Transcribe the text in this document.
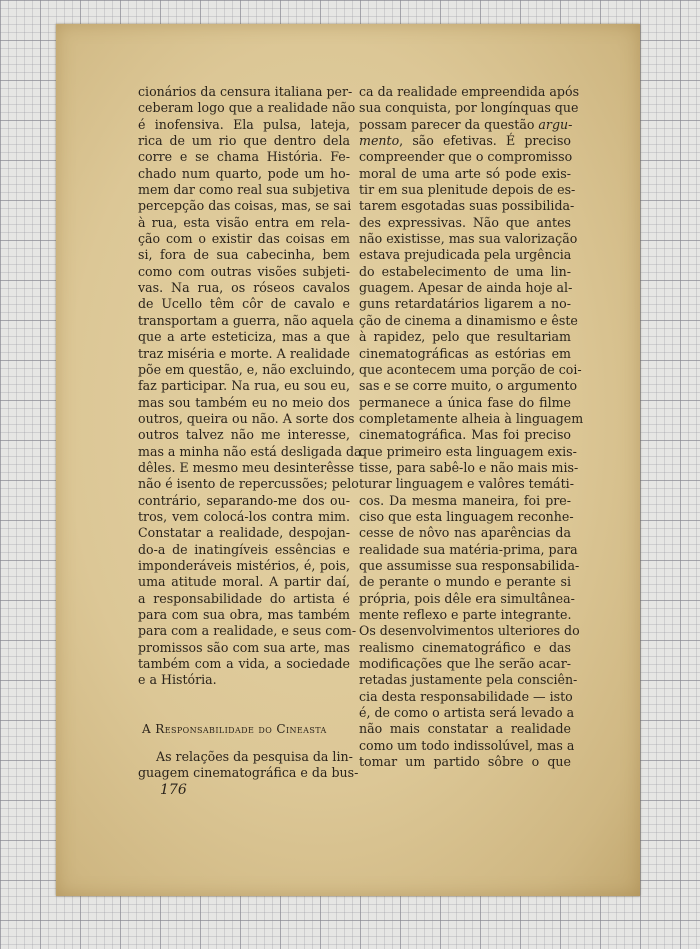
cionários da censura italiana per-
ceberam logo que a realidade não
é inofensiva. Ela pulsa, lateja,
rica de um rio que dentro dela
corre e se chama História. Fe-
chado num quarto, pode um ho-
mem dar como real sua subjetiva
percepção das coisas, mas, se sai
à rua, esta visão entra em rela-
ção com o existir das coisas em
si, fora de sua cabecinha, bem
como com outras visões subjeti-
vas. Na rua, os róseos cavalos
de Ucello têm côr de cavalo e
transportam a guerra, não aquela
que a arte esteticiza, mas a que
traz miséria e morte. A realidade
põe em questão, e, não excluindo,
faz participar. Na rua, eu sou eu,
mas sou também eu no meio dos
outros, queira ou não. A sorte dos
outros talvez não me interesse,
mas a minha não está desligada da
dêles. E mesmo meu desinterêsse
não é isento de repercussões; pelo
contrário, separando-me dos ou-
tros, vem colocá-los contra mim.
Constatar a realidade, despojan-
do-a de inatingíveis essências e
imponderáveis mistérios, é, pois,
uma atitude moral. A partir daí,
a responsabilidade do artista é
para com sua obra, mas também
para com a realidade, e seus com-
promissos são com sua arte, mas
também com a vida, a sociedade
e a História.
A Responsabilidade do Cineasta
As relações da pesquisa da lin-
guagem cinematográfica e da bus-
ca da realidade empreendida após
sua conquista, por longínquas que
possam parecer da questão argu-
mento, são efetivas. É preciso
compreender que o compromisso
moral de uma arte só pode exis-
tir em sua plenitude depois de es-
tarem esgotadas suas possibilida-
des expressivas. Não que antes
não existisse, mas sua valorização
estava prejudicada pela urgência
do estabelecimento de uma lin-
guagem. Apesar de ainda hoje al-
guns retardatários ligarem a no-
ção de cinema a dinamismo e êste
à rapidez, pelo que resultariam
cinematográficas as estórias em
que acontecem uma porção de coi-
sas e se corre muito, o argumento
permanece a única fase do filme
completamente alheia à linguagem
cinematográfica. Mas foi preciso
que primeiro esta linguagem exis-
tisse, para sabê-lo e não mais mis-
turar linguagem e valôres temáti-
cos. Da mesma maneira, foi pre-
ciso que esta linguagem reconhe-
cesse de nôvo nas aparências da
realidade sua matéria-prima, para
que assumisse sua responsabilida-
de perante o mundo e perante si
própria, pois dêle era simultânea-
mente reflexo e parte integrante.
Os desenvolvimentos ulteriores do
realismo cinematográfico e das
modificações que lhe serão acar-
retadas justamente pela consciên-
cia desta responsabilidade — isto
é, de como o artista será levado a
não mais constatar a realidade
como um todo indissolúvel, mas a
tomar um partido sôbre o que
176
